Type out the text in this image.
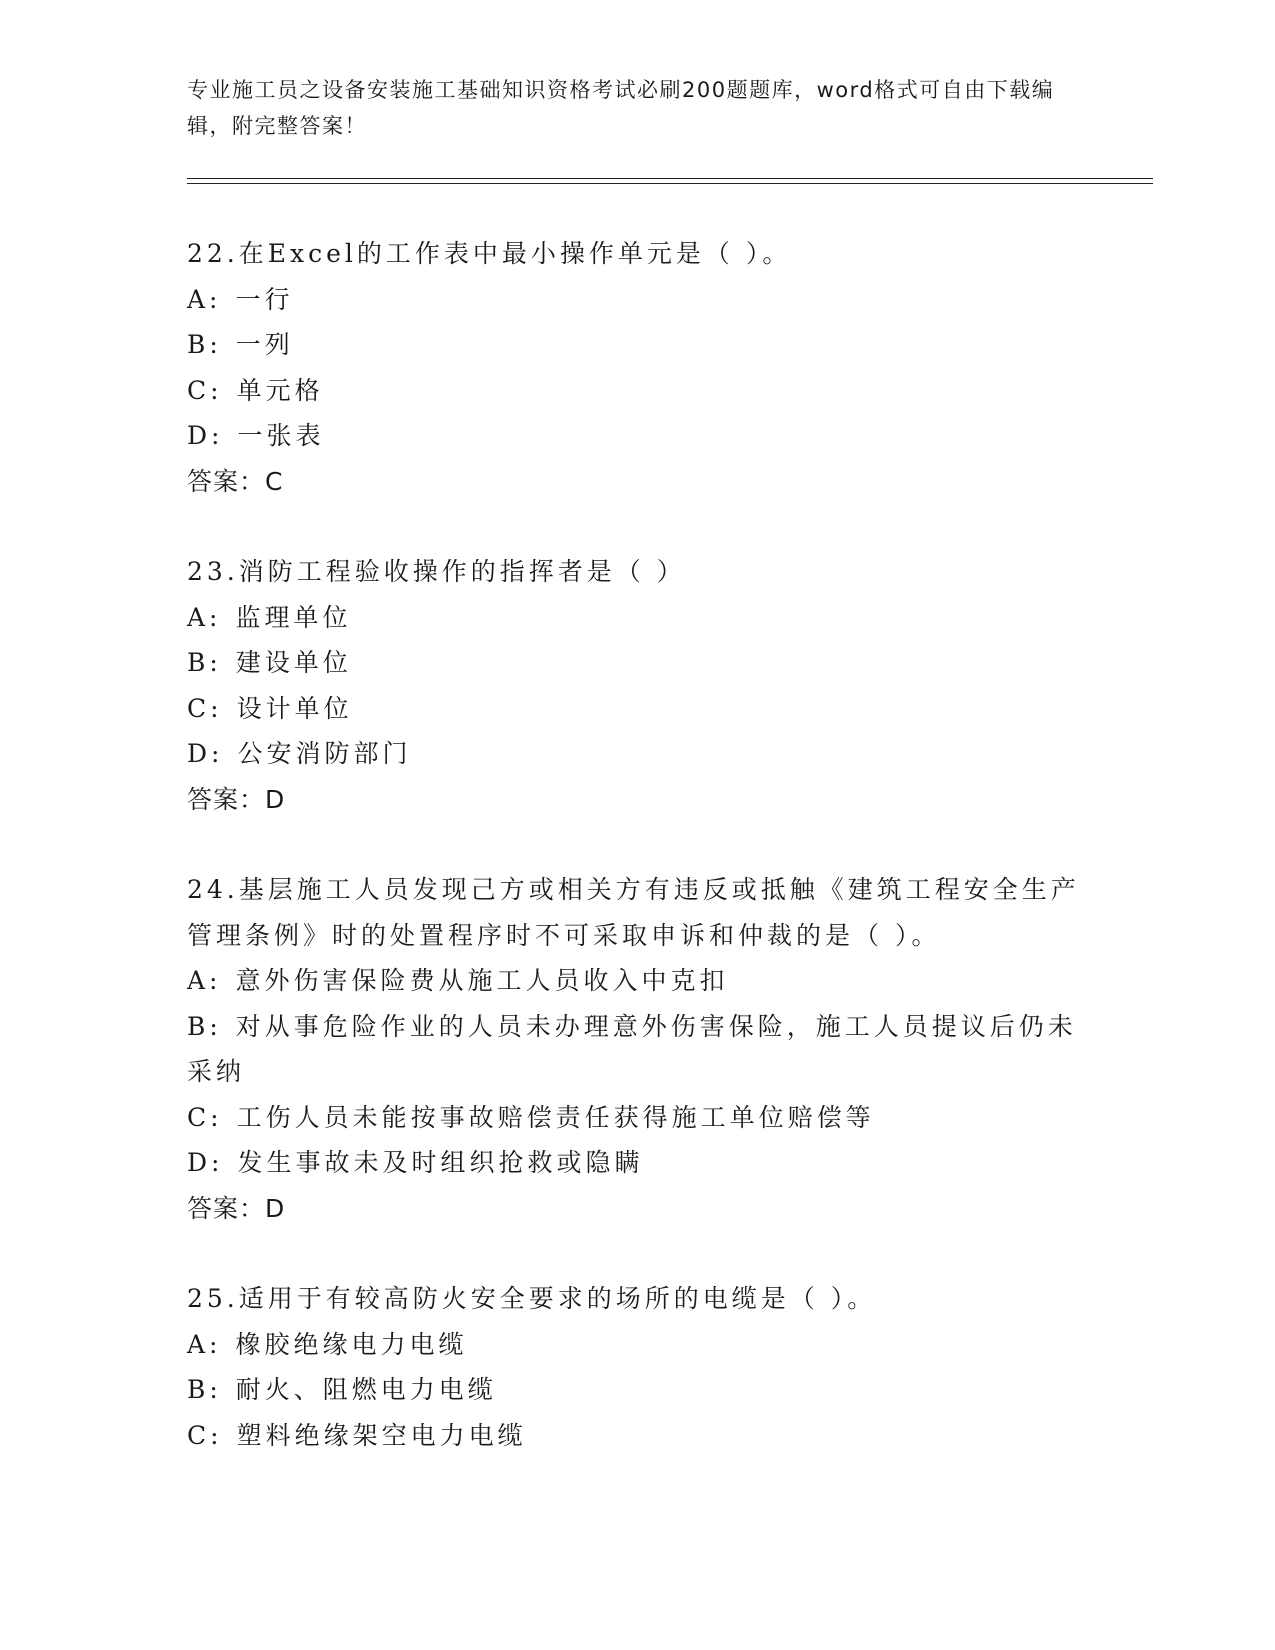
专业施工员之设备安装施工基础知识资格考试必刷200题题库，word格式可自由下载编辑，附完整答案！

22.在Excel的工作表中最小操作单元是（ ）。

A: 一行

B: 一列

C: 单元格

D: 一张表

答案：C

23.消防工程验收操作的指挥者是（ ）

A: 监理单位

B: 建设单位

C: 设计单位

D: 公安消防部门

答案：D

24.基层施工人员发现己方或相关方有违反或抵触《建筑工程安全生产管理条例》时的处置程序时不可采取申诉和仲裁的是（ ）。

A: 意外伤害保险费从施工人员收入中克扣

B: 对从事危险作业的人员未办理意外伤害保险，施工人员提议后仍未采纳

C: 工伤人员未能按事故赔偿责任获得施工单位赔偿等

D: 发生事故未及时组织抢救或隐瞒

答案：D

25.适用于有较高防火安全要求的场所的电缆是（ ）。

A: 橡胶绝缘电力电缆

B: 耐火、阻燃电力电缆

C: 塑料绝缘架空电力电缆
